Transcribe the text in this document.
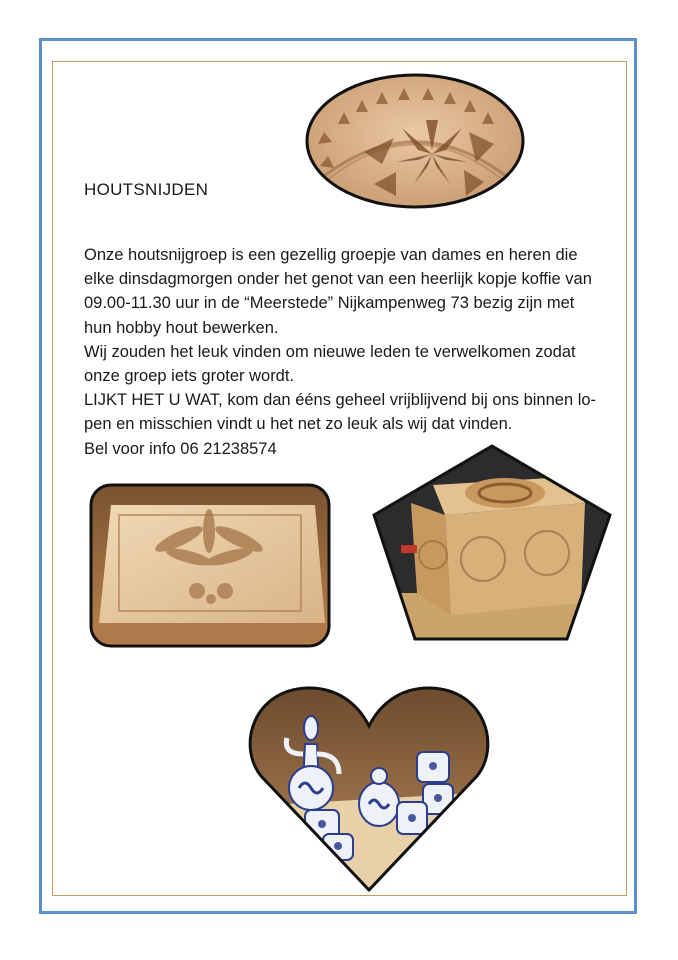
HOUTSNIJDEN
Onze houtsnijgroep is een gezellig groepje van dames en heren die
elke dinsdagmorgen onder het genot van een heerlijk kopje koffie van
09.00-11.30 uur in de “Meerstede” Nijkampenweg 73 bezig zijn met
hun hobby hout bewerken.
Wij zouden het leuk vinden om nieuwe leden te verwelkomen zodat
onze groep iets groter wordt.
LIJKT HET U WAT, kom dan ééns geheel vrijblijvend bij ons binnen lo-
pen en misschien vindt u het net zo leuk als wij dat vinden.
Bel voor info 06 21238574
